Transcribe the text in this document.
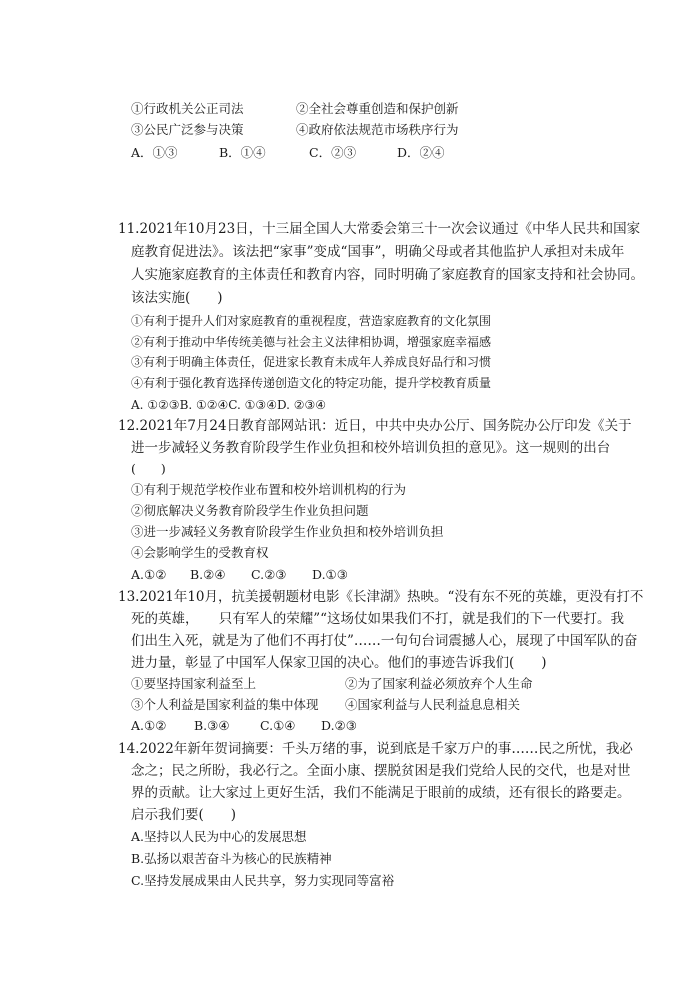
①行政机关公正司法	②全社会尊重创造和保护创新
③公民广泛参与决策	④政府依法规范市场秩序行为
A．①③	B．①④	C．②③	D．②④
11.2021年10月23日，十三届全国人大常委会第三十一次会议通过《中华人民共和国家
庭教育促进法》。该法把“家事”变成“国事”，明确父母或者其他监护人承担对未成年
人实施家庭教育的主体责任和教育内容，同时明确了家庭教育的国家支持和社会协同。
该法实施(　　)
①有利于提升人们对家庭教育的重视程度，营造家庭教育的文化氛围
②有利于推动中华传统美德与社会主义法律相协调，增强家庭幸福感
③有利于明确主体责任，促进家长教育未成年人养成良好品行和习惯
④有利于强化教育选择传递创造文化的特定功能，提升学校教育质量
A. ①②③B. ①②④C. ①③④D. ②③④
12.2021年7月24日教育部网站讯：近日，中共中央办公厅、国务院办公厅印发《关于
进一步减轻义务教育阶段学生作业负担和校外培训负担的意见》。这一规则的出台
(　　)
①有利于规范学校作业布置和校外培训机构的行为
②彻底解决义务教育阶段学生作业负担问题
③进一步减轻义务教育阶段学生作业负担和校外培训负担
④会影响学生的受教育权
A.①② B.②④ C.②③ D.①③
13.2021年10月，抗美援朝题材电影《长津湖》热映。“没有东不死的英雄，更没有打不
死的英雄，　　只有军人的荣耀”“这场仗如果我们不打，就是我们的下一代要打。我
们出生入死，就是为了他们不再打仗”……一句句台词震撼人心，展现了中国军队的奋
进力量，彰显了中国军人保家卫国的决心。他们的事迹告诉我们(　　)
①要坚持国家利益至上	②为了国家利益必须放弃个人生命
③个人利益是国家利益的集中体现 ④国家利益与人民利益息息相关
A.①② B.③④ C.①④ D.②③
14.2022年新年贺词摘要：千头万绪的事，说到底是千家万户的事……民之所忧，我必
念之；民之所盼，我必行之。全面小康、摆脱贫困是我们党给人民的交代，也是对世
界的贡献。让大家过上更好生活，我们不能满足于眼前的成绩，还有很长的路要走。
启示我们要(　　)
A.坚持以人民为中心的发展思想
B.弘扬以艰苦奋斗为核心的民族精神
C.坚持发展成果由人民共享，努力实现同等富裕
